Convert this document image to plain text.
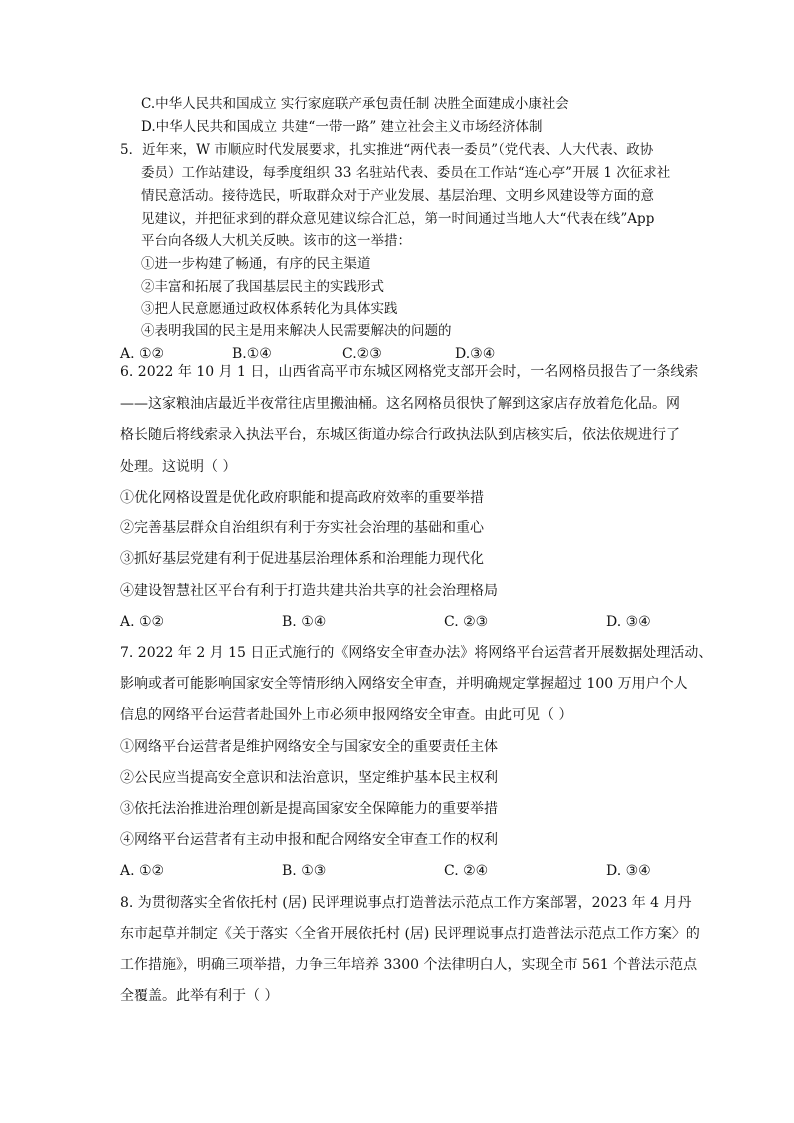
C.中华人民共和国成立 实行家庭联产承包责任制 决胜全面建成小康社会
D.中华人民共和国成立 共建“一带一路” 建立社会主义市场经济体制
5．近年来，W 市顺应时代发展要求，扎实推进“两代表一委员”（党代表、人大代表、政协
委员）工作站建设，每季度组织 33 名驻站代表、委员在工作站“连心亭”开展 1 次征求社
情民意活动。接待选民，听取群众对于产业发展、基层治理、文明乡风建设等方面的意
见建议，并把征求到的群众意见建议综合汇总，第一时间通过当地人大“代表在线”App
平台向各级人大机关反映。该市的这一举措：
①进一步构建了畅通，有序的民主渠道
②丰富和拓展了我国基层民主的实践形式
③把人民意愿通过政权体系转化为具体实践
④表明我国的民主是用来解决人民需要解决的问题的
A. ①②	B.①④	C.②③	D.③④
6. 2022 年 10 月 1 日，山西省高平市东城区网格党支部开会时，一名网格员报告了一条线索
——这家粮油店最近半夜常往店里搬油桶。这名网格员很快了解到这家店存放着危化品。网
格长随后将线索录入执法平台，东城区街道办综合行政执法队到店核实后，依法依规进行了
处理。这说明（ ）
①优化网格设置是优化政府职能和提高政府效率的重要举措
②完善基层群众自治组织有利于夯实社会治理的基础和重心
③抓好基层党建有利于促进基层治理体系和治理能力现代化
④建设智慧社区平台有利于打造共建共治共享的社会治理格局
A. ①②	B. ①④	C. ②③	D. ③④
7. 2022 年 2 月 15 日正式施行的《网络安全审查办法》将网络平台运营者开展数据处理活动、
影响或者可能影响国家安全等情形纳入网络安全审查，并明确规定掌握超过 100 万用户个人
信息的网络平台运营者赴国外上市必须申报网络安全审查。由此可见（ ）
①网络平台运营者是维护网络安全与国家安全的重要责任主体
②公民应当提高安全意识和法治意识，坚定维护基本民主权利
③依托法治推进治理创新是提高国家安全保障能力的重要举措
④网络平台运营者有主动申报和配合网络安全审查工作的权利
A. ①②	B. ①③	C. ②④	D. ③④
8. 为贯彻落实全省依托村 (居) 民评理说事点打造普法示范点工作方案部署，2023 年 4 月丹
东市起草并制定《关于落实〈全省开展依托村 (居) 民评理说事点打造普法示范点工作方案〉的
工作措施》，明确三项举措，力争三年培养 3300 个法律明白人，实现全市 561 个普法示范点
全覆盖。此举有利于（ ）
